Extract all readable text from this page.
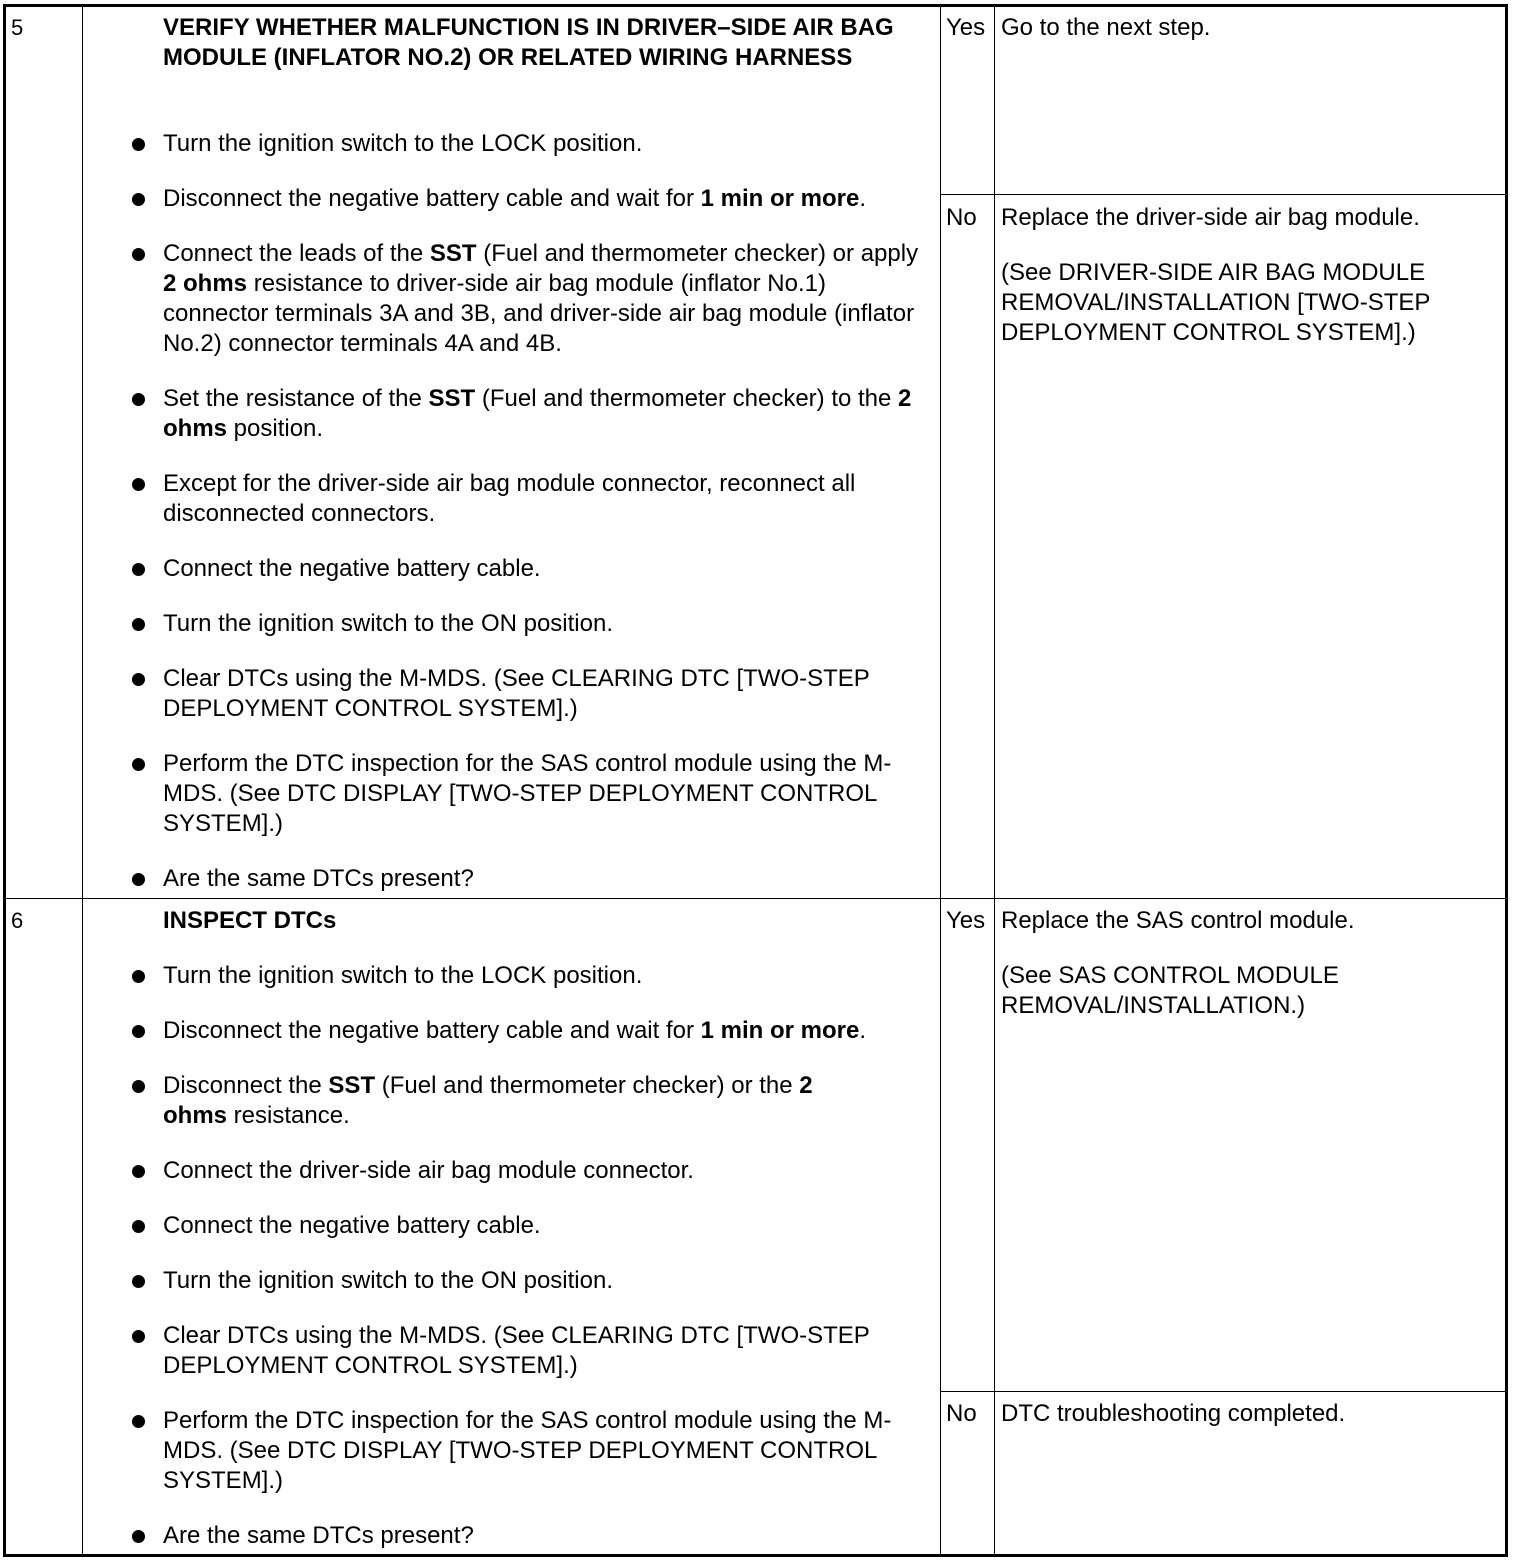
5	VERIFY WHETHER MALFUNCTION IS IN DRIVER–SIDE AIR BAG MODULE (INFLATOR NO.2) OR RELATED WIRING HARNESS
Turn the ignition switch to the LOCK position.
Disconnect the negative battery cable and wait for 1 min or more.
Connect the leads of the SST (Fuel and thermometer checker) or apply 2 ohms resistance to driver-side air bag module (inflator No.1) connector terminals 3A and 3B, and driver-side air bag module (inflator No.2) connector terminals 4A and 4B.
Set the resistance of the SST (Fuel and thermometer checker) to the 2 ohms position.
Except for the driver-side air bag module connector, reconnect all disconnected connectors.
Connect the negative battery cable.
Turn the ignition switch to the ON position.
Clear DTCs using the M-MDS. (See CLEARING DTC [TWO-STEP DEPLOYMENT CONTROL SYSTEM].)
Perform the DTC inspection for the SAS control module using the M-MDS. (See DTC DISPLAY [TWO-STEP DEPLOYMENT CONTROL SYSTEM].)
Are the same DTCs present?
Yes Go to the next step.
No Replace the driver-side air bag module.
(See DRIVER-SIDE AIR BAG MODULE REMOVAL/INSTALLATION [TWO-STEP DEPLOYMENT CONTROL SYSTEM].)
6	INSPECT DTCs
Turn the ignition switch to the LOCK position.
Disconnect the negative battery cable and wait for 1 min or more.
Disconnect the SST (Fuel and thermometer checker) or the 2 ohms resistance.
Connect the driver-side air bag module connector.
Connect the negative battery cable.
Turn the ignition switch to the ON position.
Clear DTCs using the M-MDS. (See CLEARING DTC [TWO-STEP DEPLOYMENT CONTROL SYSTEM].)
Perform the DTC inspection for the SAS control module using the M-MDS. (See DTC DISPLAY [TWO-STEP DEPLOYMENT CONTROL SYSTEM].)
Are the same DTCs present?
Yes Replace the SAS control module.
(See SAS CONTROL MODULE REMOVAL/INSTALLATION.)
No DTC troubleshooting completed.
